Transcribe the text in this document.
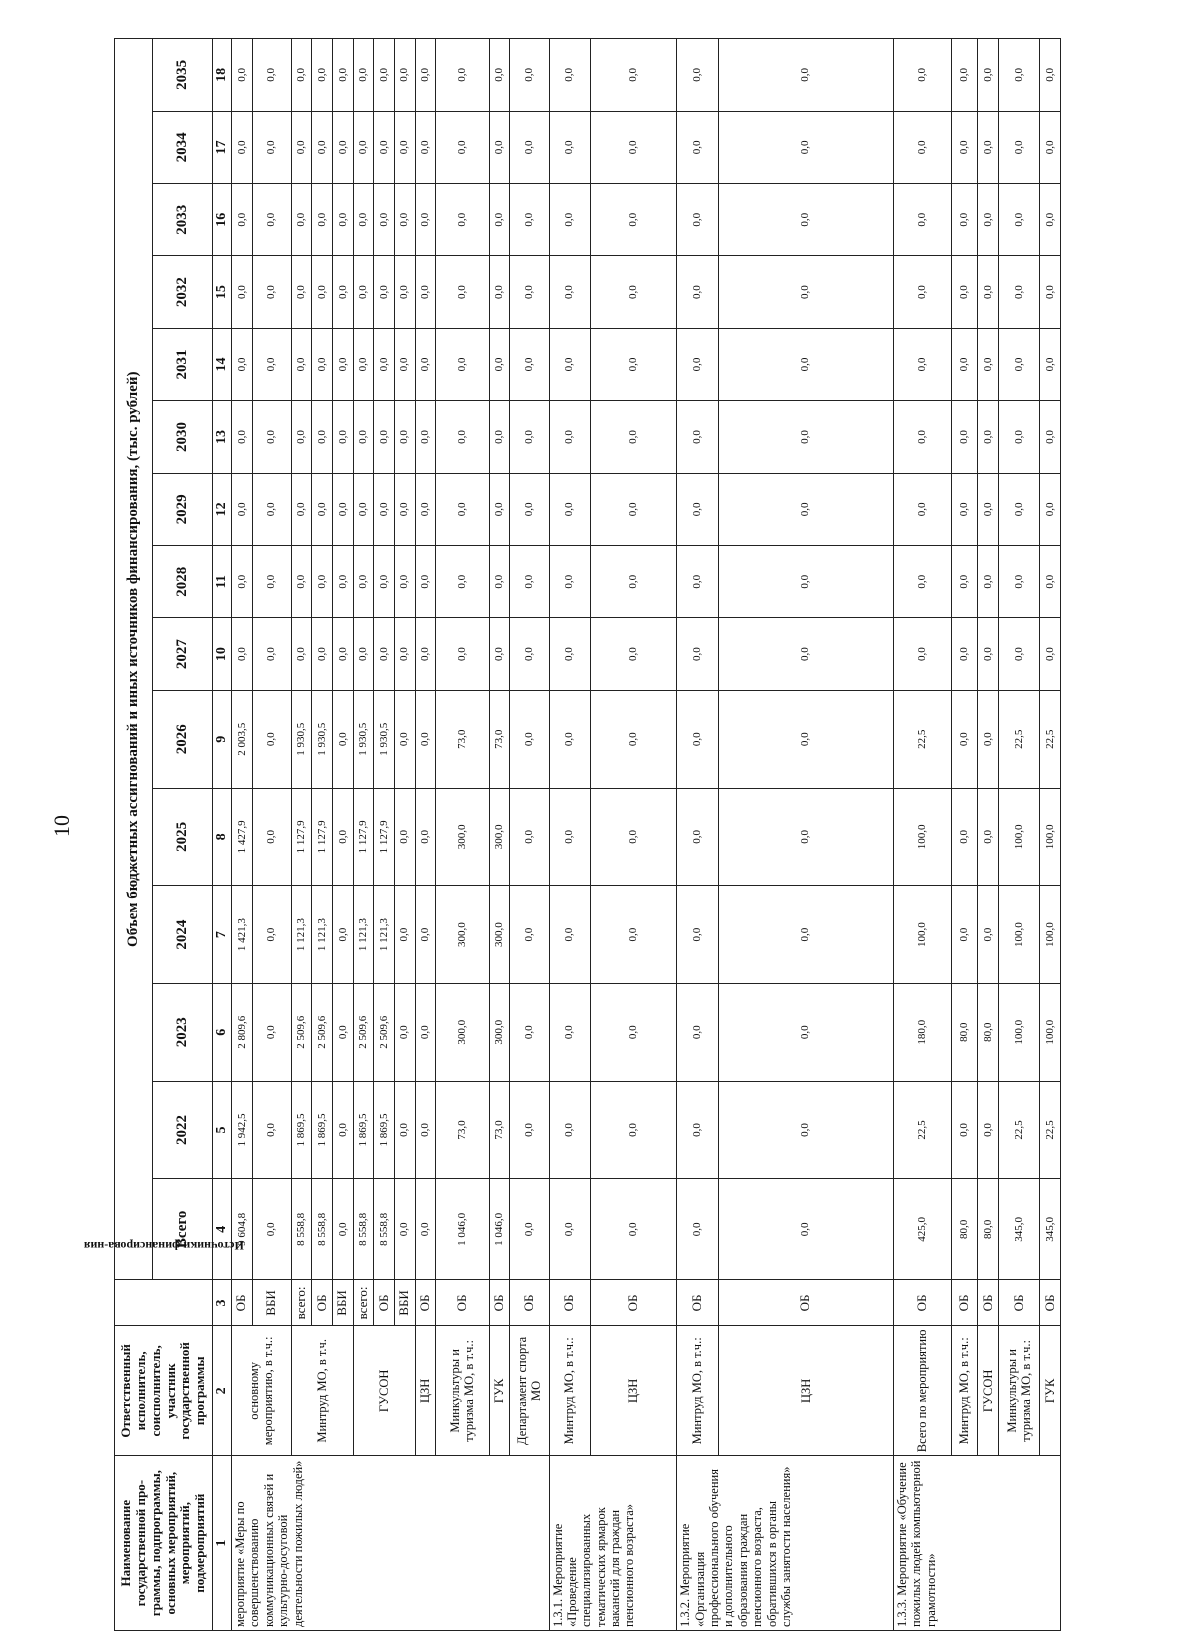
10
Наименование государственной про-граммы, подпрограммы, основных мероприятий, мероприятий, подмероприятий	Ответственный исполнитель, соисполнитель, участник государственной программы	Источники финансирова-ния	Объем бюджетных ассигнований и иных источников финансирования, (тыс. рублей)														
			Всего	2022	2023	2024	2025	2026	2027	2028	2029	2030	2031	2032	2033	2034	2035
1	2	3	4	5	6	7	8	9	10	11	12	13	14	15	16	17	18
мероприятие «Меры по совершенствованию коммуникационных связей и культурно-досуговой деятельности пожилых людей»	основному мероприятию, в т.ч.:	ОБ	9 604,8	1 942,5	2 809,6	1 421,3	1 427,9	2 003,5	0,0	0,0	0,0	0,0	0,0	0,0	0,0	0,0	0,0
		ВБИ	0,0	0,0	0,0	0,0	0,0	0,0	0,0	0,0	0,0	0,0	0,0	0,0	0,0	0,0	0,0
	Минтруд МО, в т.ч.	всего:	8 558,8	1 869,5	2 509,6	1 121,3	1 127,9	1 930,5	0,0	0,0	0,0	0,0	0,0	0,0	0,0	0,0	0,0
		ОБ	8 558,8	1 869,5	2 509,6	1 121,3	1 127,9	1 930,5	0,0	0,0	0,0	0,0	0,0	0,0	0,0	0,0	0,0
		ВБИ	0,0	0,0	0,0	0,0	0,0	0,0	0,0	0,0	0,0	0,0	0,0	0,0	0,0	0,0	0,0
	ГУСОН	всего:	8 558,8	1 869,5	2 509,6	1 121,3	1 127,9	1 930,5	0,0	0,0	0,0	0,0	0,0	0,0	0,0	0,0	0,0
		ОБ	8 558,8	1 869,5	2 509,6	1 121,3	1 127,9	1 930,5	0,0	0,0	0,0	0,0	0,0	0,0	0,0	0,0	0,0
		ВБИ	0,0	0,0	0,0	0,0	0,0	0,0	0,0	0,0	0,0	0,0	0,0	0,0	0,0	0,0	0,0
	ЦЗН	ОБ	0,0	0,0	0,0	0,0	0,0	0,0	0,0	0,0	0,0	0,0	0,0	0,0	0,0	0,0	0,0
	Минкультуры и туризма МО, в т.ч.:	ОБ	1 046,0	73,0	300,0	300,0	300,0	73,0	0,0	0,0	0,0	0,0	0,0	0,0	0,0	0,0	0,0
	ГУК	ОБ	1 046,0	73,0	300,0	300,0	300,0	73,0	0,0	0,0	0,0	0,0	0,0	0,0	0,0	0,0	0,0
	Департамент спорта МО	ОБ	0,0	0,0	0,0	0,0	0,0	0,0	0,0	0,0	0,0	0,0	0,0	0,0	0,0	0,0	0,0
1.3.1. Мероприятие «Проведение специализированных тематических ярмарок вакансий для граждан пенсионного возраста»	Минтруд МО, в т.ч.:	ОБ	0,0	0,0	0,0	0,0	0,0	0,0	0,0	0,0	0,0	0,0	0,0	0,0	0,0	0,0	0,0
	ЦЗН	ОБ	0,0	0,0	0,0	0,0	0,0	0,0	0,0	0,0	0,0	0,0	0,0	0,0	0,0	0,0	0,0
1.3.2. Мероприятие «Организация профессионального обучения и дополнительного образования граждан пенсионного возраста, обратившихся в органы службы занятости населения»	Минтруд МО, в т.ч.:	ОБ	0,0	0,0	0,0	0,0	0,0	0,0	0,0	0,0	0,0	0,0	0,0	0,0	0,0	0,0	0,0
	ЦЗН	ОБ	0,0	0,0	0,0	0,0	0,0	0,0	0,0	0,0	0,0	0,0	0,0	0,0	0,0	0,0	0,0
1.3.3. Мероприятие «Обучение пожилых людей компьютерной грамотности»	Всего по мероприятию	ОБ	425,0	22,5	180,0	100,0	100,0	22,5	0,0	0,0	0,0	0,0	0,0	0,0	0,0	0,0	0,0
	Минтруд МО, в т.ч.:	ОБ	80,0	0,0	80,0	0,0	0,0	0,0	0,0	0,0	0,0	0,0	0,0	0,0	0,0	0,0	0,0
	ГУСОН	ОБ	80,0	0,0	80,0	0,0	0,0	0,0	0,0	0,0	0,0	0,0	0,0	0,0	0,0	0,0	0,0
	Минкультуры и туризма МО, в т.ч.:	ОБ	345,0	22,5	100,0	100,0	100,0	22,5	0,0	0,0	0,0	0,0	0,0	0,0	0,0	0,0	0,0
	ГУК	ОБ	345,0	22,5	100,0	100,0	100,0	22,5	0,0	0,0	0,0	0,0	0,0	0,0	0,0	0,0	0,0
